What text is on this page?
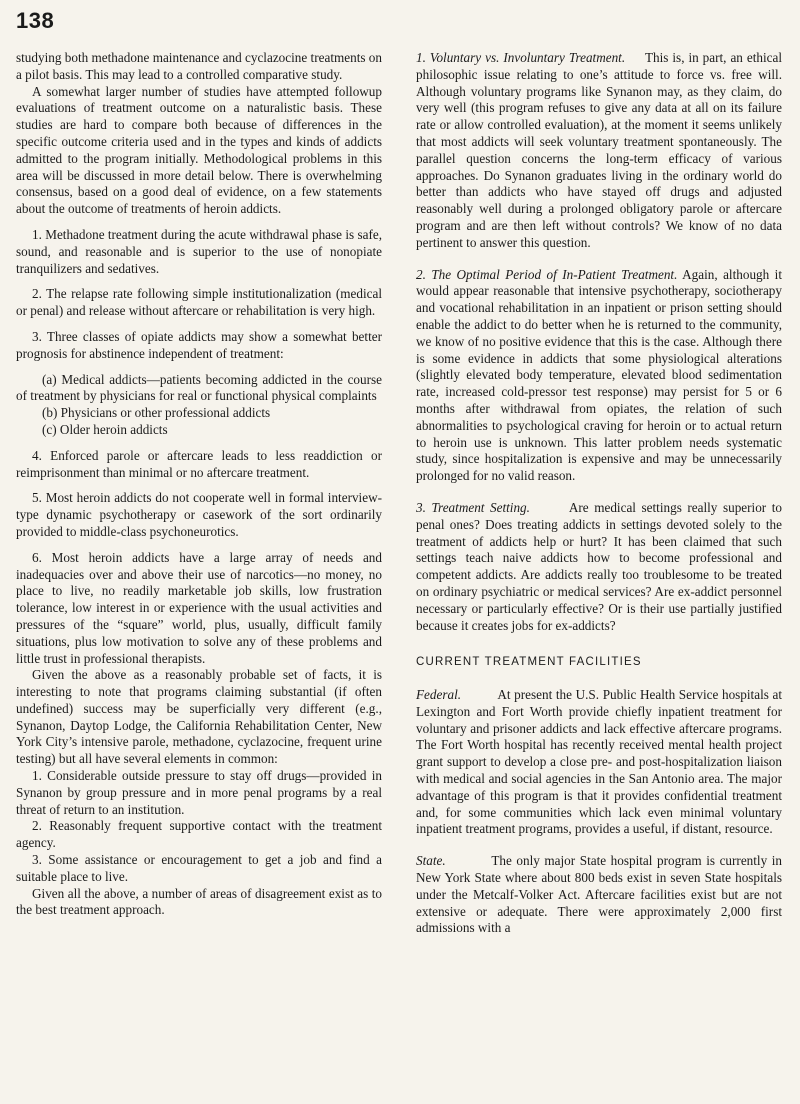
138

studying both methadone maintenance and cyclazocine treatments on a pilot basis. This may lead to a controlled comparative study.

A somewhat larger number of studies have attempted followup evaluations of treatment outcome on a naturalistic basis. These studies are hard to compare both because of differences in the specific outcome criteria used and in the types and kinds of addicts admitted to the program initially. Methodological problems in this area will be discussed in more detail below. There is overwhelming consensus, based on a good deal of evidence, on a few statements about the outcome of treatments of heroin addicts.

1. Methadone treatment during the acute withdrawal phase is safe, sound, and reasonable and is superior to the use of nonopiate tranquilizers and sedatives.

2. The relapse rate following simple institutionalization (medical or penal) and release without aftercare or rehabilitation is very high.

3. Three classes of opiate addicts may show a somewhat better prognosis for abstinence independent of treatment:

(a) Medical addicts—patients becoming addicted in the course of treatment by physicians for real or functional physical complaints

(b) Physicians or other professional addicts

(c) Older heroin addicts

4. Enforced parole or aftercare leads to less readdiction or reimprisonment than minimal or no aftercare treatment.

5. Most heroin addicts do not cooperate well in formal interview-type dynamic psychotherapy or casework of the sort ordinarily provided to middle-class psychoneurotics.

6. Most heroin addicts have a large array of needs and inadequacies over and above their use of narcotics—no money, no place to live, no readily marketable job skills, low frustration tolerance, low interest in or experience with the usual activities and pressures of the “square” world, plus, usually, difficult family situations, plus low motivation to solve any of these problems and little trust in professional therapists.

Given the above as a reasonably probable set of facts, it is interesting to note that programs claiming substantial (if often undefined) success may be superficially very different (e.g., Synanon, Daytop Lodge, the California Rehabilitation Center, New York City’s intensive parole, methadone, cyclazocine, frequent urine testing) but all have several elements in common:

1. Considerable outside pressure to stay off drugs—provided in Synanon by group pressure and in more penal programs by a real threat of return to an institution.

2. Reasonably frequent supportive contact with the treatment agency.

3. Some assistance or encouragement to get a job and find a suitable place to live.

Given all the above, a number of areas of disagreement exist as to the best treatment approach.

1. Voluntary vs. Involuntary Treatment. This is, in part, an ethical philosophic issue relating to one’s attitude to force vs. free will. Although voluntary programs like Synanon may, as they claim, do very well (this program refuses to give any data at all on its failure rate or allow controlled evaluation), at the moment it seems unlikely that most addicts will seek voluntary treatment spontaneously. The parallel question concerns the long-term efficacy of various approaches. Do Synanon graduates living in the ordinary world do better than addicts who have stayed off drugs and adjusted reasonably well during a prolonged obligatory parole or aftercare program and are then left without controls? We know of no data pertinent to answer this question.

2. The Optimal Period of In-Patient Treatment. Again, although it would appear reasonable that intensive psychotherapy, sociotherapy and vocational rehabilitation in an inpatient or prison setting should enable the addict to do better when he is returned to the community, we know of no positive evidence that this is the case. Although there is some evidence in addicts that some physiological alterations (slightly elevated body temperature, elevated blood sedimentation rate, increased cold-pressor test response) may persist for 5 or 6 months after withdrawal from opiates, the relation of such abnormalities to psychological craving for heroin or to actual return to heroin use is unknown. This latter problem needs systematic study, since hospitalization is expensive and may be unnecessarily prolonged for no valid reason.

3. Treatment Setting.	Are medical settings really superior to penal ones? Does treating addicts in settings devoted solely to the treatment of addicts help or hurt? It has been claimed that such settings teach naive addicts how to become professional and competent addicts. Are addicts really too troublesome to be treated on ordinary psychiatric or medical services? Are ex-addict personnel necessary or particularly effective? Or is their use partially justified because it creates jobs for ex-addicts?

CURRENT TREATMENT FACILITIES

Federal.	At present the U.S. Public Health Service hospitals at Lexington and Fort Worth provide chiefly inpatient treatment for voluntary and prisoner addicts and lack effective aftercare programs. The Fort Worth hospital has recently received mental health project grant support to develop a close pre- and post-hospitalization liaison with medical and social agencies in the San Antonio area. The major advantage of this program is that it provides confidential treatment and, for some communities which lack even minimal voluntary inpatient treatment programs, provides a useful, if distant, resource.

State.	The only major State hospital program is currently in New York State where about 800 beds exist in seven State hospitals under the Metcalf-Volker Act. Aftercare facilities exist but are not extensive or adequate. There were approximately 2,000 first admissions with a
